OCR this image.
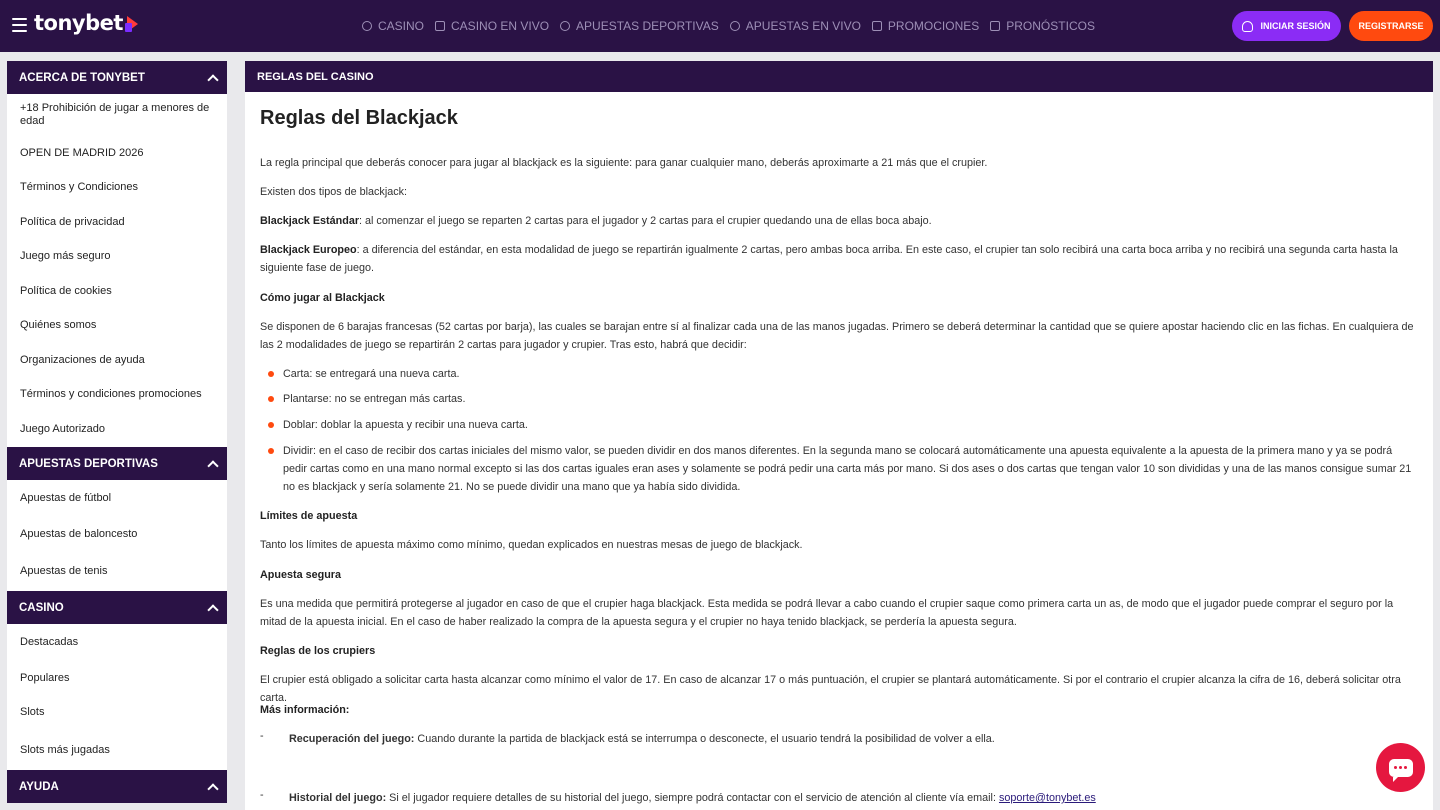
tonybet	CASINO CASINO EN VIVO APUESTAS DEPORTIVAS APUESTAS EN VIVO PROMOCIONES PRONÓSTICOS	INICIAR SESIÓN	REGISTRARSE
ACERCA DE TONYBET
+18 Prohibición de jugar a menores de edad
OPEN DE MADRID 2026
Términos y Condiciones
Política de privacidad
Juego más seguro
Política de cookies
Quiénes somos
Organizaciones de ayuda
Términos y condiciones promociones
Juego Autorizado
APUESTAS DEPORTIVAS
Apuestas de fútbol
Apuestas de baloncesto
Apuestas de tenis
CASINO
Destacadas
Populares
Slots
Slots más jugadas
AYUDA
REGLAS DEL CASINO
Reglas del Blackjack
La regla principal que deberás conocer para jugar al blackjack es la siguiente: para ganar cualquier mano, deberás aproximarte a 21 más que el crupier.
Existen dos tipos de blackjack:
Blackjack Estándar: al comenzar el juego se reparten 2 cartas para el jugador y 2 cartas para el crupier quedando una de ellas boca abajo.
Blackjack Europeo: a diferencia del estándar, en esta modalidad de juego se repartirán igualmente 2 cartas, pero ambas boca arriba. En este caso, el crupier tan solo recibirá una carta boca arriba y no recibirá una segunda carta hasta la siguiente fase de juego.
Cómo jugar al Blackjack
Se disponen de 6 barajas francesas (52 cartas por barja), las cuales se barajan entre sí al finalizar cada una de las manos jugadas. Primero se deberá determinar la cantidad que se quiere apostar haciendo clic en las fichas. En cualquiera de las 2 modalidades de juego se repartirán 2 cartas para jugador y crupier. Tras esto, habrá que decidir:
Carta: se entregará una nueva carta.
Plantarse: no se entregan más cartas.
Doblar: doblar la apuesta y recibir una nueva carta.
Dividir: en el caso de recibir dos cartas iniciales del mismo valor, se pueden dividir en dos manos diferentes. En la segunda mano se colocará automáticamente una apuesta equivalente a la apuesta de la primera mano y ya se podrá pedir cartas como en una mano normal excepto si las dos cartas iguales eran ases y solamente se podrá pedir una carta más por mano. Si dos ases o dos cartas que tengan valor 10 son divididas y una de las manos consigue sumar 21 no es blackjack y sería solamente 21. No se puede dividir una mano que ya había sido dividida.
Límites de apuesta
Tanto los límites de apuesta máximo como mínimo, quedan explicados en nuestras mesas de juego de blackjack.
Apuesta segura
Es una medida que permitirá protegerse al jugador en caso de que el crupier haga blackjack. Esta medida se podrá llevar a cabo cuando el crupier saque como primera carta un as, de modo que el jugador puede comprar el seguro por la mitad de la apuesta inicial. En el caso de haber realizado la compra de la apuesta segura y el crupier no haya tenido blackjack, se perdería la apuesta segura.
Reglas de los crupiers
El crupier está obligado a solicitar carta hasta alcanzar como mínimo el valor de 17. En caso de alcanzar 17 o más puntuación, el crupier se plantará automáticamente. Si por el contrario el crupier alcanza la cifra de 16, deberá solicitar otra carta.
Más información:
- Recuperación del juego: Cuando durante la partida de blackjack está se interrumpa o desconecte, el usuario tendrá la posibilidad de volver a ella.
- Historial del juego: Si el jugador requiere detalles de su historial del juego, siempre podrá contactar con el servicio de atención al cliente vía email: soporte@tonybet.es
